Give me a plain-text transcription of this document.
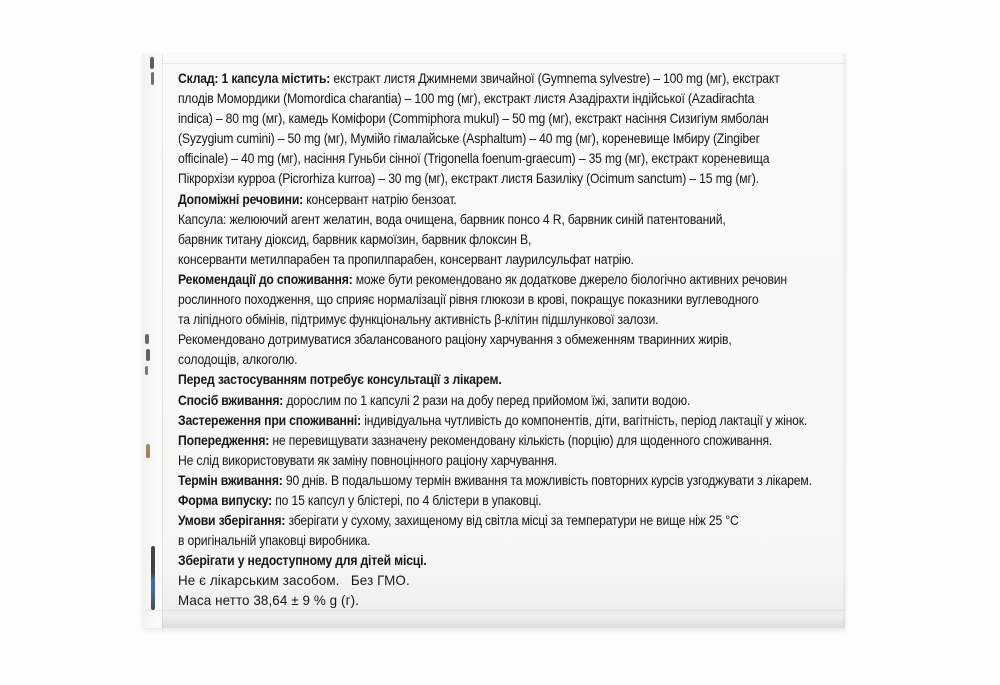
Склад: 1 капсула містить: екстракт листя Джимнеми звичайної (Gymnema sylvestre) – 100 mg (мг), екстракт

плодів Момордики (Momordica charantia) – 100 mg (мг), екстракт листя Азадірахти індійської (Azadirachta

indica) – 80 mg (мг), камедь Коміфори (Commiphora mukul) – 50 mg (мг), екстракт насіння Сизигіум ямболан

(Syzygium cumini) – 50 mg (мг), Мумійо гімалайське (Asphaltum) – 40 mg (мг), кореневище Імбиру (Zingiber

officinale) – 40 mg (мг), насіння Гуньби сінної (Trigonella foenum-graecum) – 35 mg (мг), екстракт кореневища

Пікрорхізи курроа (Picrorhiza kurroa) – 30 mg (мг), екстракт листя Базиліку (Ocimum sanctum) – 15 mg (мг).

Допоміжні речовини: консервант натрію бензоат.

Капсула: желюючий агент желатин, вода очищена, барвник понсо 4 R, барвник синій патентований,

барвник титану діоксид, барвник кармоїзин, барвник флоксин В,

консерванти метилпарабен та пропилпарабен, консервант лаурилсульфат натрію.

Рекомендації до споживання: може бути рекомендовано як додаткове джерело біологічно активних речовин

рослинного походження, що сприяє нормалізації рівня глюкози в крові, покращує показники вуглеводного

та ліпідного обмінів, підтримує функціональну активність β-клітин підшлункової залози.

Рекомендовано дотримуватися збалансованого раціону харчування з обмеженням тваринних жирів,

солодощів, алкоголю.

Перед застосуванням потребує консультації з лікарем.

Спосіб вживання: дорослим по 1 капсулі 2 рази на добу перед прийомом їжі, запити водою.

Застереження при споживанні: індивідуальна чутливість до компонентів, діти, вагітність, період лактації у жінок.

Попередження: не перевищувати зазначену рекомендовану кількість (порцію) для щоденного споживання.

Не слід використовувати як заміну повноцінного раціону харчування.

Термін вживання: 90 днів. В подальшому термін вживання та можливість повторних курсів узгоджувати з лікарем.

Форма випуску: по 15 капсул у блістері, по 4 блістери в упаковці.

Умови зберігання: зберігати у сухому, захищеному від світла місці за температури не вище ніж 25 °C

в оригінальній упаковці виробника.

Зберігати у недоступному для дітей місці.

Не є лікарським засобом.   Без ГМО.

Маса нетто 38,64 ± 9 % g (г).
